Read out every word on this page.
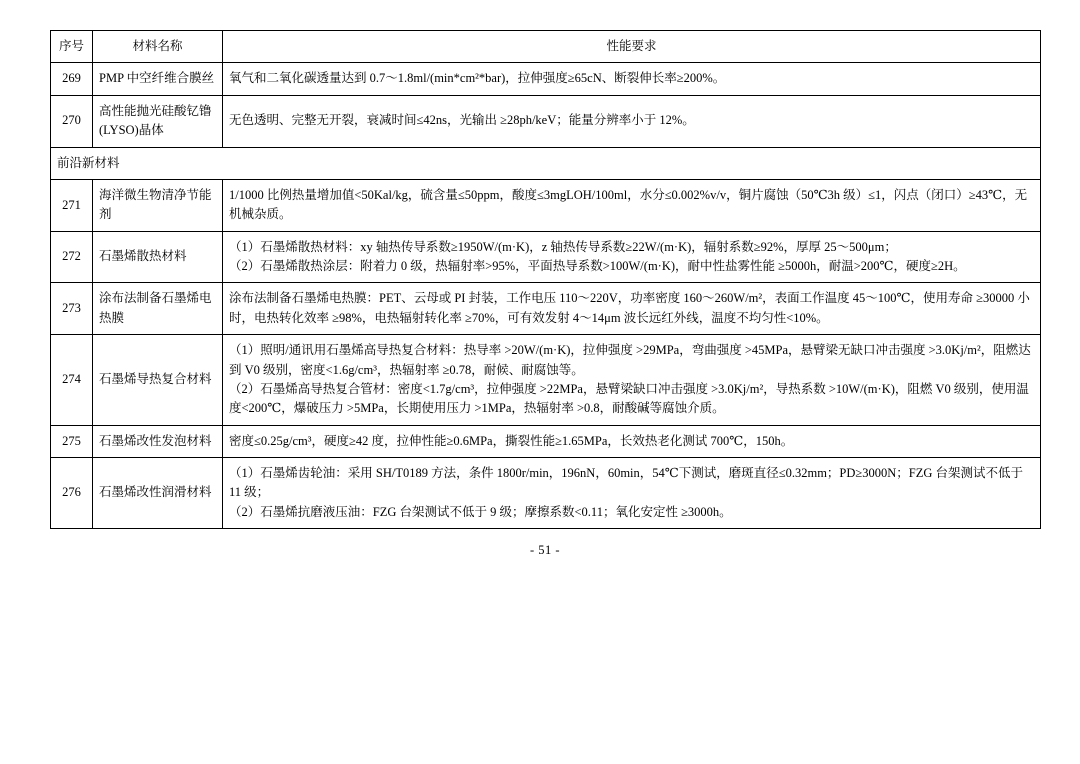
序号	材料名称	性能要求
269	PMP 中空纤维合膜丝	氧气和二氧化碳透量达到 0.7～1.8ml/(min*cm²*bar)，拉伸强度≥65cN、断裂伸长率≥200%。

270	高性能抛光硅酸钇镥(LYSO)晶体	无色透明、完整无开裂，衰减时间≤42ns，光输出 ≥28ph/keV；能量分辨率小于 12%。

前沿新材料		
271	海洋微生物清净节能剂	1/1000 比例热量增加值<50Kal/kg，硫含量≤50ppm，酸度≤3mgLOH/100ml，水分≤0.002%v/v，铜片腐蚀（50℃3h 级）≤1，闪点（闭口）≥43℃，无机械杂质。

272	石墨烯散热材料	（1）石墨烯散热材料：xy 轴热传导系数≥1950W/(m·K)，z 轴热传导系数≥22W/(m·K)，辐射系数≥92%，厚厚 25～500μm；
（2）石墨烯散热涂层：附着力 0 级，热辐射率>95%，平面热导系数>100W/(m·K)，耐中性盐雾性能 ≥5000h，耐温>200℃，硬度≥2H。

273	涂布法制备石墨烯电热膜	涂布法制备石墨烯电热膜：PET、云母或 PI 封装，工作电压 110～220V，功率密度 160～260W/m²，表面工作温度 45～100℃，使用寿命 ≥30000 小时，电热转化效率 ≥98%，电热辐射转化率 ≥70%，可有效发射 4～14μm 波长远红外线，温度不均匀性<10%。

274	石墨烯导热复合材料	（1）照明/通讯用石墨烯高导热复合材料：热导率 >20W/(m·K)，拉伸强度 >29MPa，弯曲强度 >45MPa，悬臂梁无缺口冲击强度 >3.0Kj/m²，阻燃达到 V0 级别，密度<1.6g/cm³，热辐射率 ≥0.78，耐候、耐腐蚀等。
（2）石墨烯高导热复合管材：密度<1.7g/cm³，拉伸强度 >22MPa，悬臂梁缺口冲击强度 >3.0Kj/m²，导热系数 >10W/(m·K)，阻燃 V0 级别，使用温度<200℃，爆破压力 >5MPa，长期使用压力 >1MPa，热辐射率 >0.8，耐酸碱等腐蚀介质。

275	石墨烯改性发泡材料	密度≤0.25g/cm³，硬度≥42 度，拉伸性能≥0.6MPa，撕裂性能≥1.65MPa，长效热老化测试 700℃，150h。

276	石墨烯改性润滑材料	（1）石墨烯齿轮油：采用 SH/T0189 方法，条件 1800r/min，196nN，60min，54℃下测试，磨斑直径≤0.32mm；PD≥3000N；FZG 台架测试不低于 11 级；
（2）石墨烯抗磨液压油：FZG 台架测试不低于 9 级；摩擦系数<0.11；氧化安定性 ≥3000h。
- 51 -
